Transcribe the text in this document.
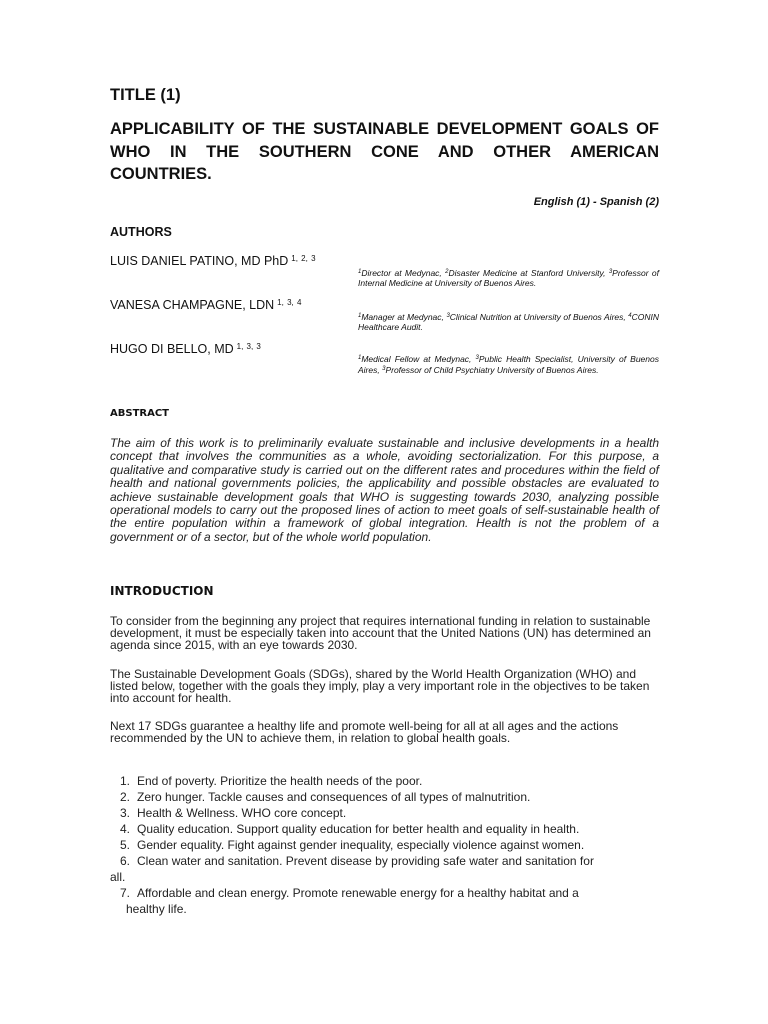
TITLE (1)
APPLICABILITY OF THE SUSTAINABLE DEVELOPMENT GOALS OF WHO IN THE SOUTHERN CONE AND OTHER AMERICAN COUNTRIES.
English (1) - Spanish (2)
AUTHORS
LUIS DANIEL PATINO, MD PhD $^{1, 2, 3}$
$^1$Director at Medynac, $^2$Disaster Medicine at Stanford University, $^3$Professor of Internal Medicine at University of Buenos Aires.
VANESA CHAMPAGNE, LDN $^{1, 3, 4}$
$^1$Manager at Medynac, $^3$Clinical Nutrition at University of Buenos Aires, $^4$CONIN Healthcare Audit.
HUGO DI BELLO, MD $^{1, 3, 3}$
$^1$Medical Fellow at Medynac, $^3$Public Health Specialist, University of Buenos Aires, $^3$Professor of Child Psychiatry University of Buenos Aires.
ABSTRACT
The aim of this work is to preliminarily evaluate sustainable and inclusive developments in a health concept that involves the communities as a whole, avoiding sectorialization. For this purpose, a qualitative and comparative study is carried out on the different rates and procedures within the field of health and national governments policies, the applicability and possible obstacles are evaluated to achieve sustainable development goals that WHO is suggesting towards 2030, analyzing possible operational models to carry out the proposed lines of action to meet goals of self-sustainable health of the entire population within a framework of global integration. Health is not the problem of a government or of a sector, but of the whole world population.
INTRODUCTION
To consider from the beginning any project that requires international funding in relation to sustainable development, it must be especially taken into account that the United Nations (UN) has determined an agenda since 2015, with an eye towards 2030.
The Sustainable Development Goals (SDGs), shared by the World Health Organization (WHO) and listed below, together with the goals they imply, play a very important role in the objectives to be taken into account for health.
Next 17 SDGs guarantee a healthy life and promote well-being for all at all ages and the actions recommended by the UN to achieve them, in relation to global health goals.
1. End of poverty. Prioritize the health needs of the poor.
2. Zero hunger. Tackle causes and consequences of all types of malnutrition.
3. Health & Wellness. WHO core concept.
4. Quality education. Support quality education for better health and equality in health.
5. Gender equality. Fight against gender inequality, especially violence against women.
6. Clean water and sanitation. Prevent disease by providing safe water and sanitation for
all.
7. Affordable and clean energy. Promote renewable energy for a healthy habitat and a
healthy life.
